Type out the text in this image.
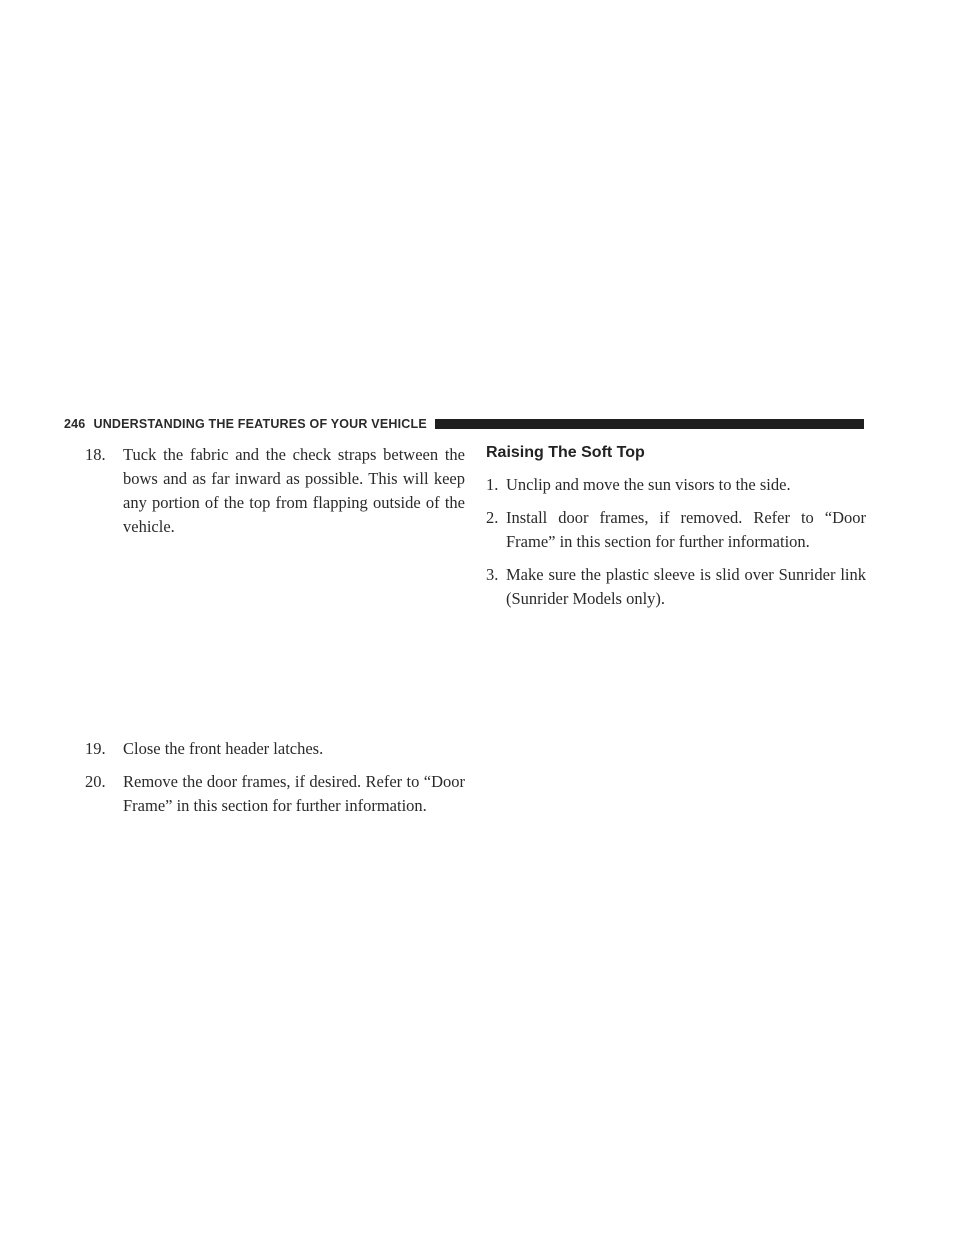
246 UNDERSTANDING THE FEATURES OF YOUR VEHICLE
18. Tuck the fabric and the check straps between the bows and as far inward as possible. This will keep any portion of the top from flapping outside of the vehicle.
19. Close the front header latches.
20. Remove the door frames, if desired. Refer to “Door Frame” in this section for further information.
Raising The Soft Top
1. Unclip and move the sun visors to the side.
2. Install door frames, if removed. Refer to “Door Frame” in this section for further information.
3. Make sure the plastic sleeve is slid over Sunrider link (Sunrider Models only).
